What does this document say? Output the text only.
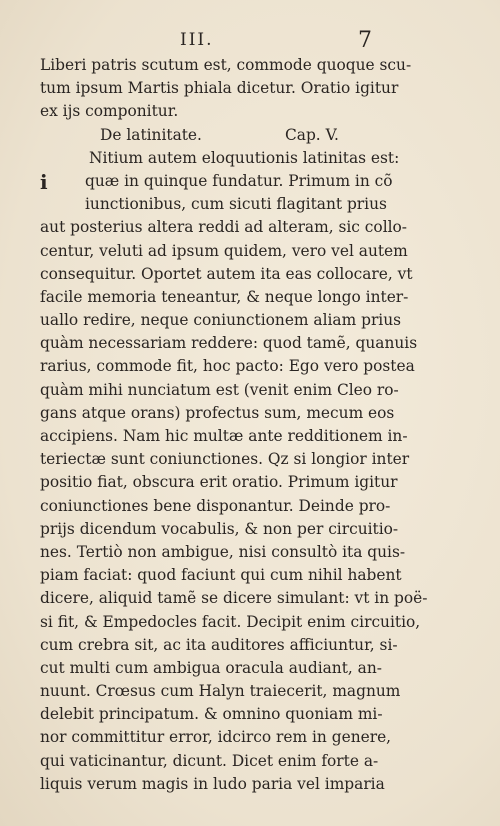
III.	7
Liberi patris scutum est, commode quoque scu-
tum ipsum Martis phiala dicetur. Oratio igitur
ex ijs componitur.
De latinitate.	Cap. V.
Nitium autem eloquutionis latinitas est:
i quæ in quinque fundatur. Primum in cõ
iunctionibus, cum sicuti flagitant prius
aut posterius altera reddi ad alteram, sic collo-
centur, veluti ad ipsum quidem, vero vel autem
consequitur. Oportet autem ita eas collocare, vt
facile memoria teneantur, & neque longo inter-
uallo redire, neque coniunctionem aliam prius
quàm necessariam reddere: quod tamẽ, quanuis
rarius, commode fit, hoc pacto: Ego vero postea
quàm mihi nunciatum est (venit enim Cleo ro-
gans atque orans) profectus sum, mecum eos
accipiens. Nam hic multæ ante redditionem in-
teriectæ sunt coniunctiones. Qz si longior inter
positio fiat, obscura erit oratio. Primum igitur
coniunctiones bene disponantur. Deinde pro-
prijs dicendum vocabulis, & non per circuitio-
nes. Tertiò non ambigue, nisi consultò ita quis-
piam faciat: quod faciunt qui cum nihil habent
dicere, aliquid tamẽ se dicere simulant: vt in poë-
si fit, & Empedocles facit. Decipit enim circuitio,
cum crebra sit, ac ita auditores afficiuntur, si-
cut multi cum ambigua oracula audiant, an-
nuunt. Crœsus cum Halyn traiecerit, magnum
delebit principatum. & omnino quoniam mi-
nor committitur error, idcirco rem in genere,
qui vaticinantur, dicunt. Dicet enim forte a-
liquis verum magis in ludo paria vel imparia
